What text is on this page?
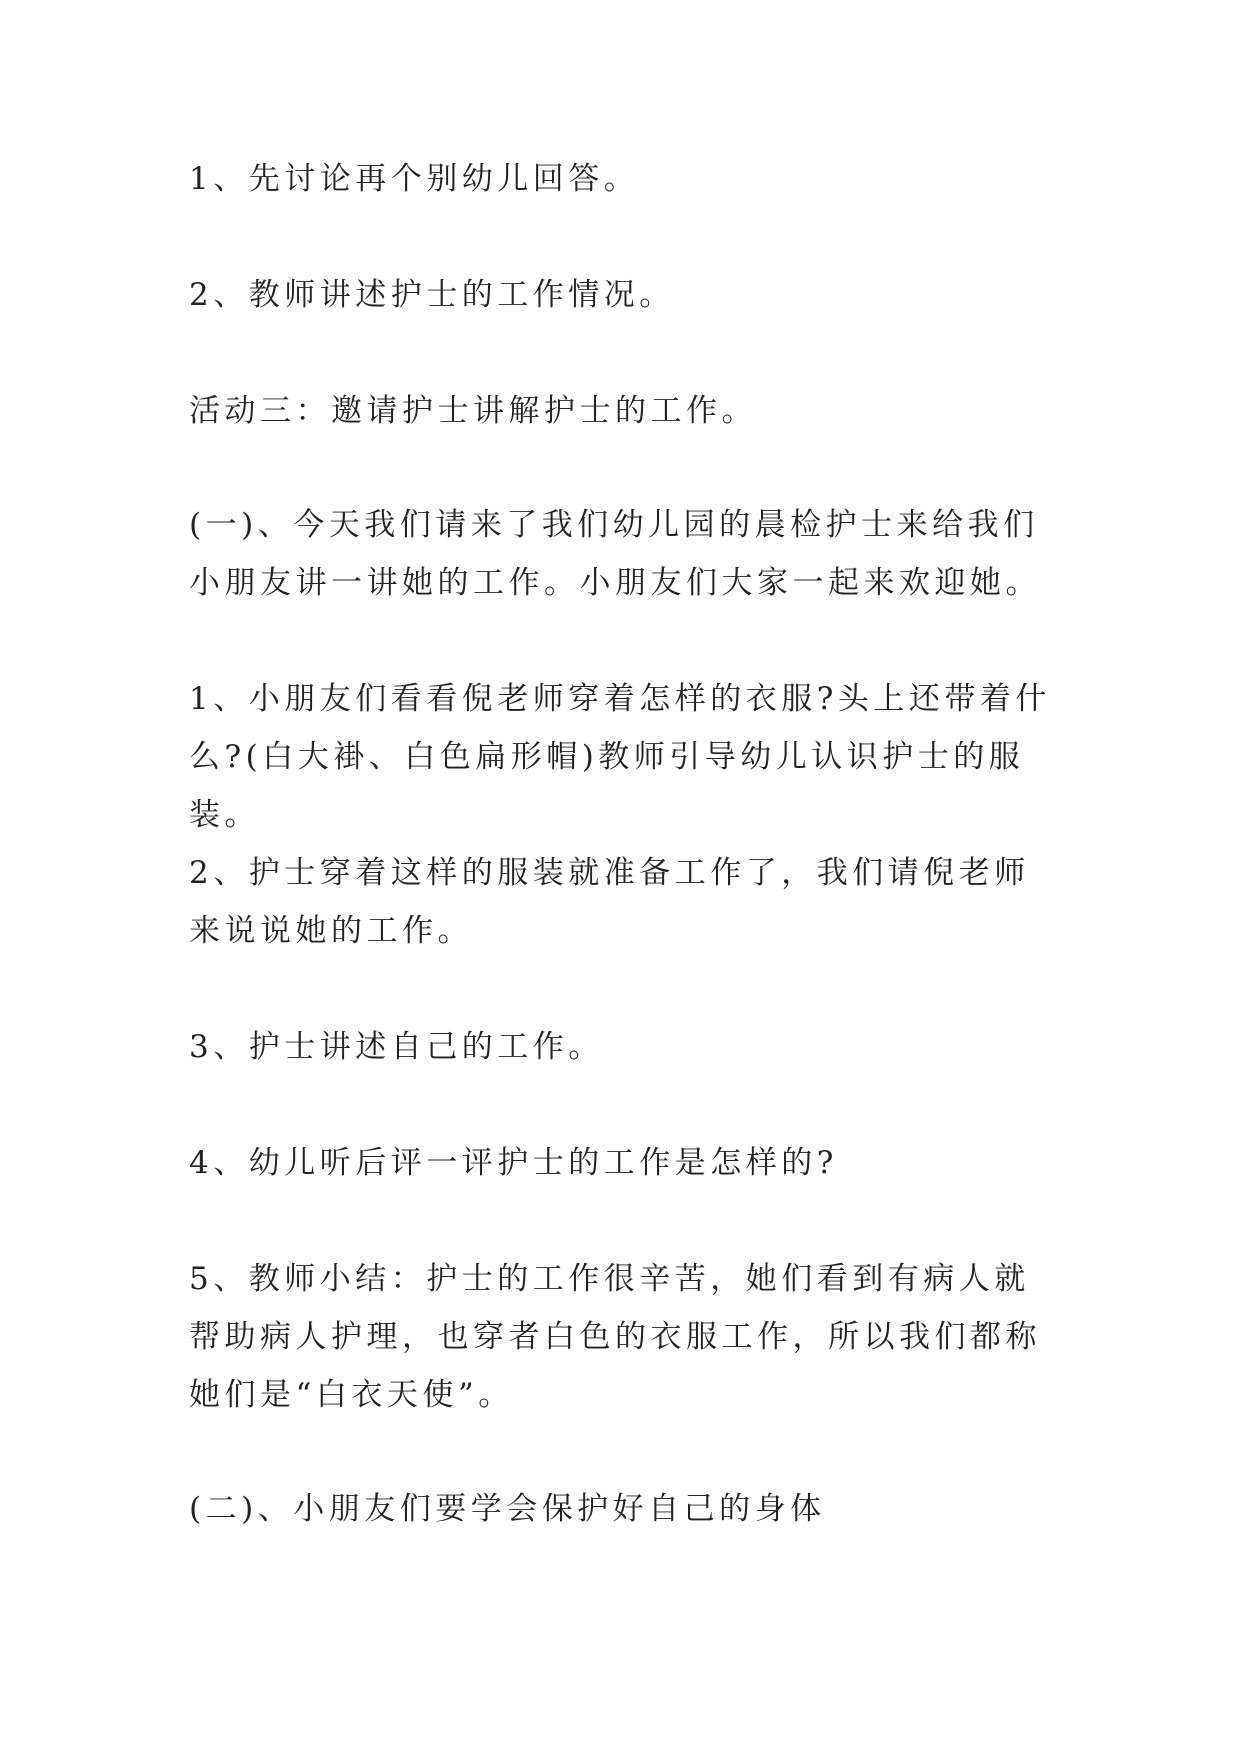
1、先讨论再个别幼儿回答。

2、教师讲述护士的工作情况。

活动三：邀请护士讲解护士的工作。

(一)、今天我们请来了我们幼儿园的晨检护士来给我们小朋友讲一讲她的工作。小朋友们大家一起来欢迎她。

1、小朋友们看看倪老师穿着怎样的衣服?头上还带着什么?(白大褂、白色扁形帽)教师引导幼儿认识护士的服装。

2、护士穿着这样的服装就准备工作了，我们请倪老师来说说她的工作。

3、护士讲述自己的工作。

4、幼儿听后评一评护士的工作是怎样的?

5、教师小结：护士的工作很辛苦，她们看到有病人就帮助病人护理，也穿者白色的衣服工作，所以我们都称她们是“白衣天使”。

(二)、小朋友们要学会保护好自己的身体
